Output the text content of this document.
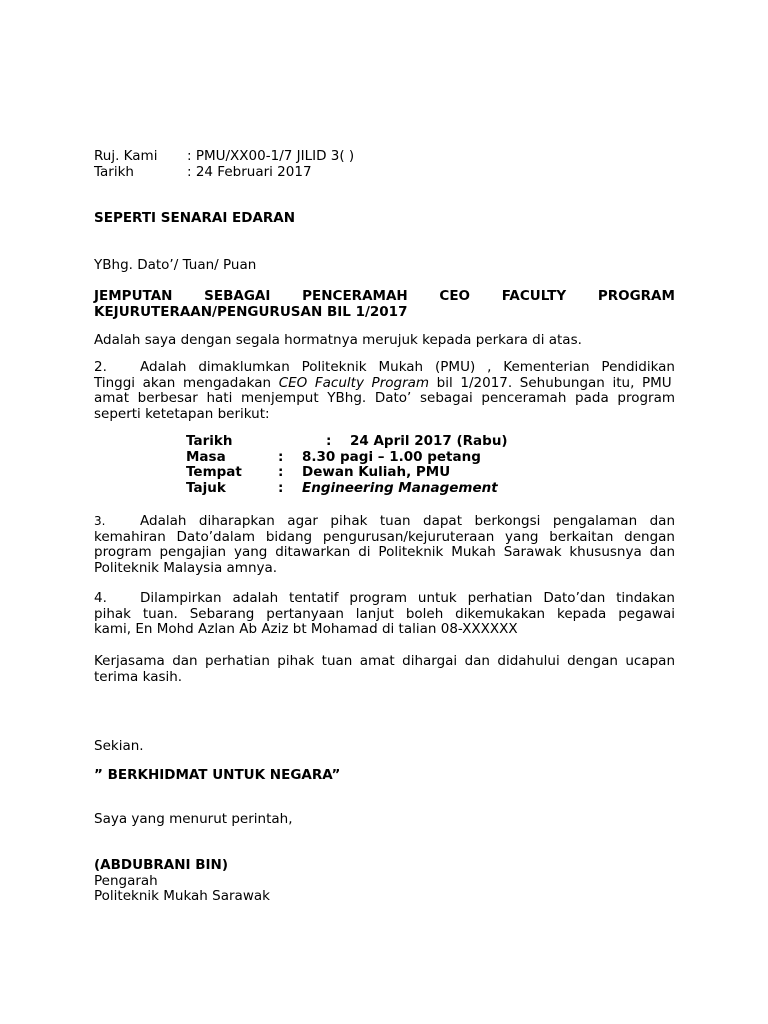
Ruj. Kami	: PMU/XX00-1/7 JILID 3( )
Tarikh	: 24 Februari 2017
SEPERTI SENARAI EDARAN
YBhg. Dato’/ Tuan/ Puan
JEMPUTAN SEBAGAI PENCERAMAH CEO FACULTY PROGRAM
KEJURUTERAAN/PENGURUSAN BIL 1/2017
Adalah saya dengan segala hormatnya merujuk kepada perkara di atas.
2. Adalah dimaklumkan Politeknik Mukah (PMU) , Kementerian Pendidikan
Tinggi akan mengadakan CEO Faculty Program bil 1/2017. Sehubungan itu, PMU
amat berbesar hati menjemput YBhg. Dato’ sebagai penceramah pada program
seperti ketetapan berikut:
Tarikh	:	24 April 2017 (Rabu)
Masa	:	8.30 pagi – 1.00 petang
Tempat	:	Dewan Kuliah, PMU
Tajuk	:	Engineering Management
3.	Adalah diharapkan agar pihak tuan dapat berkongsi pengalaman dan
kemahiran Dato’dalam bidang pengurusan/kejuruteraan yang berkaitan dengan
program pengajian yang ditawarkan di Politeknik Mukah Sarawak khususnya dan
Politeknik Malaysia amnya.
4. Dilampirkan adalah tentatif program untuk perhatian Dato’dan tindakan
pihak tuan. Sebarang pertanyaan lanjut boleh dikemukakan kepada pegawai
kami, En Mohd Azlan Ab Aziz bt Mohamad di talian 08-XXXXXX
Kerjasama dan perhatian pihak tuan amat dihargai dan didahului dengan ucapan
terima kasih.
Sekian.
” BERKHIDMAT UNTUK NEGARA”
Saya yang menurut perintah,
(ABDUBRANI BIN)
Pengarah
Politeknik Mukah Sarawak
